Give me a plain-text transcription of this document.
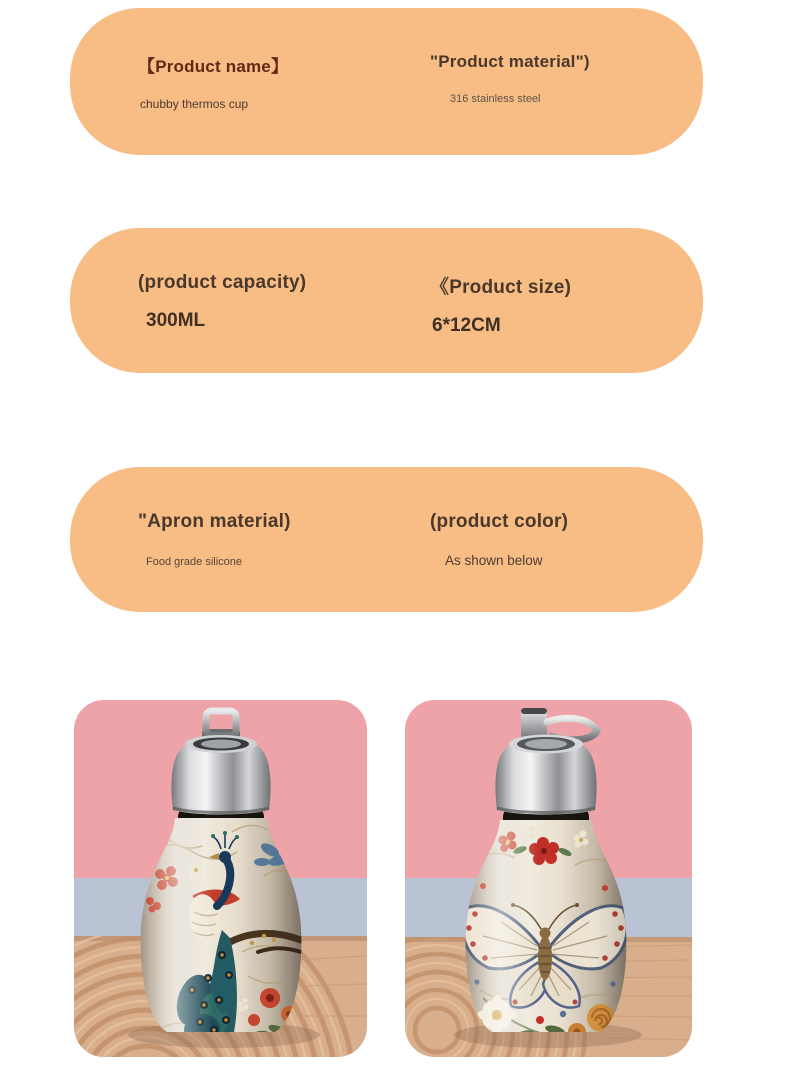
【Product name】
chubby thermos cup
"Product material")
316 stainless steel
(product capacity)
300ML
《Product size)
6*12CM
"Apron material)
Food grade silicone
(product color)
As shown below
